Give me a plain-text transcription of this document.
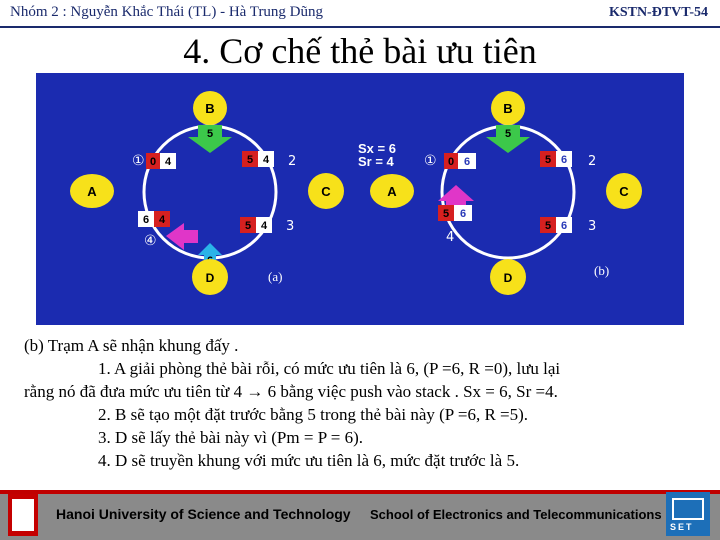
Nhóm 2 : Nguyễn Khắc Thái (TL) - Hà Trung Dũng	KSTN-ĐTVT-54
4. Cơ chế thẻ bài ưu tiên
5
B
A	C
D
0 4	5 4
6 4	5 4
①	2
3
④
(a)
5
B
A	C
D
0 6	5 6
5 6
5 6
Sx = 6
Sr = 4 ①	2
3
4
(b)
(b) Trạm A sẽ nhận khung đấy .
1. A giải phòng thẻ bài rỗi, có mức ưu tiên là 6, (P =6, R =0), lưu lại
rằng nó đã đưa mức ưu tiên từ 4 → 6 bằng việc push vào stack . Sx = 6, Sr =4.
2. B sẽ tạo một đặt trước bằng 5 trong thẻ bài này (P =6, R =5).
3. D sẽ lấy thẻ bài này vì (Pm = P = 6).
4. D sẽ truyền khung với mức ưu tiên là 6, mức đặt trước là 5.
Hanoi University of Science and Technology School of Electronics and Telecommunications
SET
